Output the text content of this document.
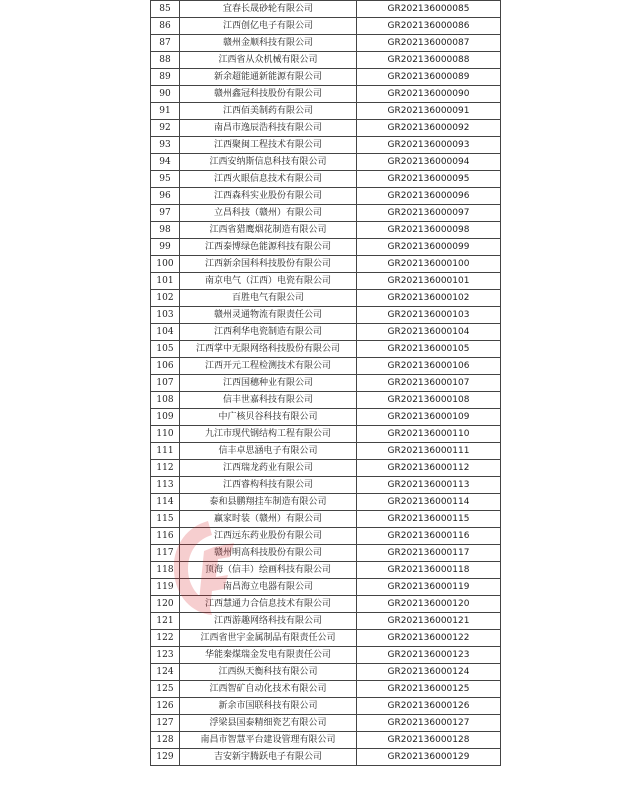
85	宜春长晟砂轮有限公司	GR202136000085
86	江西创亿电子有限公司	GR202136000086
87	赣州金顺科技有限公司	GR202136000087
88	江西省从众机械有限公司	GR202136000088
89	新余超能通新能源有限公司	GR202136000089
90	赣州鑫冠科技股份有限公司	GR202136000090
91	江西佰美制药有限公司	GR202136000091
92	南昌市逸辰浩科技有限公司	GR202136000092
93	江西聚闽工程技术有限公司	GR202136000093
94	江西安纳斯信息科技有限公司	GR202136000094
95	江西火眼信息技术有限公司	GR202136000095
96	江西森科实业股份有限公司	GR202136000096
97	立昌科技（赣州）有限公司	GR202136000097
98	江西省猎鹰烟花制造有限公司	GR202136000098
99	江西泰博绿色能源科技有限公司	GR202136000099
100	江西新余国科科技股份有限公司	GR202136000100
101	南京电气（江西）电瓷有限公司	GR202136000101
102	百胜电气有限公司	GR202136000102
103	赣州灵通物流有限责任公司	GR202136000103
104	江西利华电瓷制造有限公司	GR202136000104
105	江西掌中无限网络科技股份有限公司	GR202136000105
106	江西开元工程检测技术有限公司	GR202136000106
107	江西国穗种业有限公司	GR202136000107
108	信丰世嘉科技有限公司	GR202136000108
109	中广核贝谷科技有限公司	GR202136000109
110	九江市现代钢结构工程有限公司	GR202136000110
111	信丰卓思涵电子有限公司	GR202136000111
112	江西瑞龙药业有限公司	GR202136000112
113	江西睿构科技有限公司	GR202136000113
114	泰和县鹏翔挂车制造有限公司	GR202136000114
115	赢家时装（赣州）有限公司	GR202136000115
116	江西远东药业股份有限公司	GR202136000116
117	赣州明高科技股份有限公司	GR202136000117
118	顶海（信丰）绘画科技有限公司	GR202136000118
119	南昌海立电器有限公司	GR202136000119
120	江西慧通力合信息技术有限公司	GR202136000120
121	江西游趣网络科技有限公司	GR202136000121
122	江西省世宇金属制品有限责任公司	GR202136000122
123	华能秦煤瑞金发电有限责任公司	GR202136000123
124	江西纵天衡科技有限公司	GR202136000124
125	江西智矿自动化技术有限公司	GR202136000125
126	新余市国联科技有限公司	GR202136000126
127	浮梁县国泰精细瓷艺有限公司	GR202136000127
128	南昌市智慧平台建设管理有限公司	GR202136000128
129	吉安新宇腾跃电子有限公司	GR202136000129
